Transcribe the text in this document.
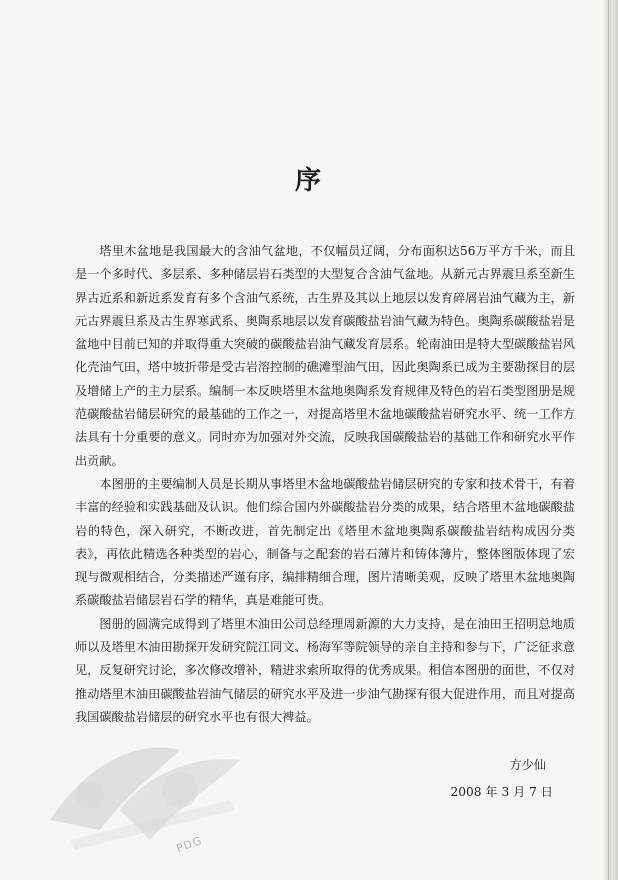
序

塔里木盆地是我国最大的含油气盆地，不仅幅员辽阔，分布面积达56万平方千米，而且是一个多时代、多层系、多种储层岩石类型的大型复合含油气盆地。从新元古界震旦系至新生界古近系和新近系发育有多个含油气系统，古生界及其以上地层以发育碎屑岩油气藏为主，新元古界震旦系及古生界寒武系、奥陶系地层以发育碳酸盐岩油气藏为特色。奥陶系碳酸盐岩是盆地中目前已知的并取得重大突破的碳酸盐岩油气藏发育层系。轮南油田是特大型碳酸盐岩风化壳油气田，塔中坡折带是受古岩溶控制的礁滩型油气田，因此奥陶系已成为主要勘探目的层及增储上产的主力层系。编制一本反映塔里木盆地奥陶系发育规律及特色的岩石类型图册是规范碳酸盐岩储层研究的最基础的工作之一，对提高塔里木盆地碳酸盐岩研究水平、统一工作方法具有十分重要的意义。同时亦为加强对外交流，反映我国碳酸盐岩的基础工作和研究水平作出贡献。

本图册的主要编制人员是长期从事塔里木盆地碳酸盐岩储层研究的专家和技术骨干，有着丰富的经验和实践基础及认识。他们综合国内外碳酸盐岩分类的成果，结合塔里木盆地碳酸盐岩的特色，深入研究，不断改进，首先制定出《塔里木盆地奥陶系碳酸盐岩结构成因分类表》，再依此精选各种类型的岩心，制备与之配套的岩石薄片和铸体薄片，整体图版体现了宏现与微观相结合，分类描述严谨有序，编排精细合理，图片清晰美观，反映了塔里木盆地奥陶系碳酸盐岩储层岩石学的精华，真是难能可贵。

图册的圆满完成得到了塔里木油田公司总经理周新源的大力支持，是在油田王招明总地质师以及塔里木油田勘探开发研究院江同文、杨海军等院领导的亲自主持和参与下，广泛征求意见，反复研究讨论，多次修改增补，精进求索所取得的优秀成果。相信本图册的面世，不仅对推动塔里木油田碳酸盐岩油气储层的研究水平及进一步油气勘探有很大促进作用，而且对提高我国碳酸盐岩储层的研究水平也有很大裨益。

PDG
方少仙
2008 年 3 月 7 日
